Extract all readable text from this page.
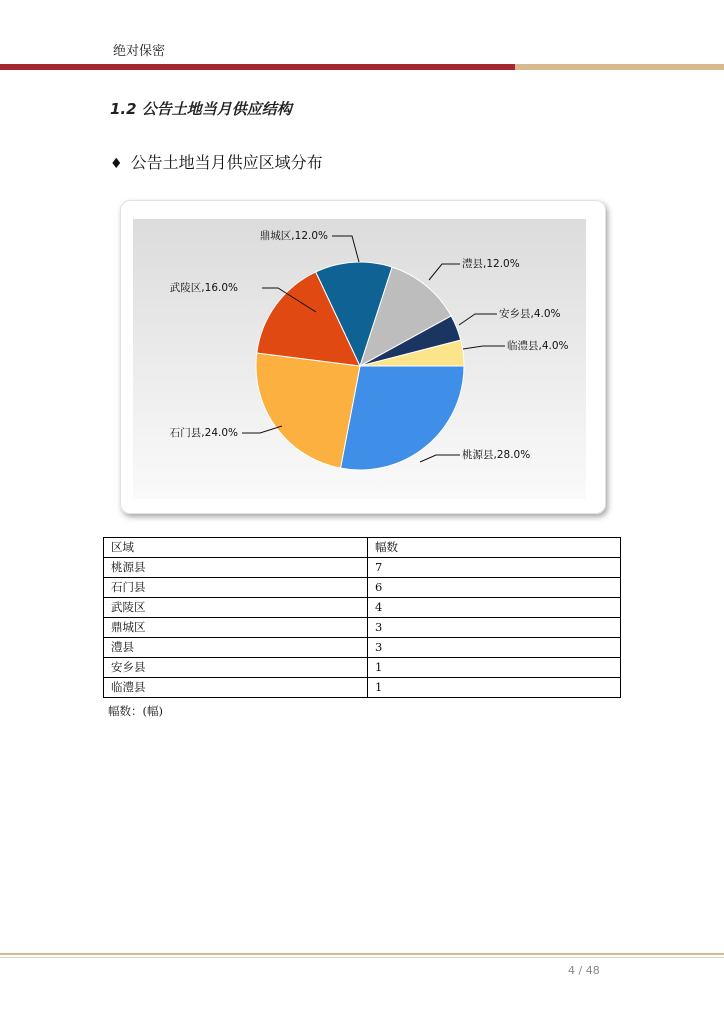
绝对保密
1.2 公告土地当月供应结构
♦ 公告土地当月供应区域分布
桃源县,28.0%
石门县,24.0%
武陵区,16.0%
鼎城区,12.0%
澧县,12.0%
安乡县,4.0%
临澧县,4.0%
区域	幅数
桃源县	7
石门县	6
武陵区	4
鼎城区	3
澧县	3
安乡县	1
临澧县	1
幅数：(幅)
4 / 48
